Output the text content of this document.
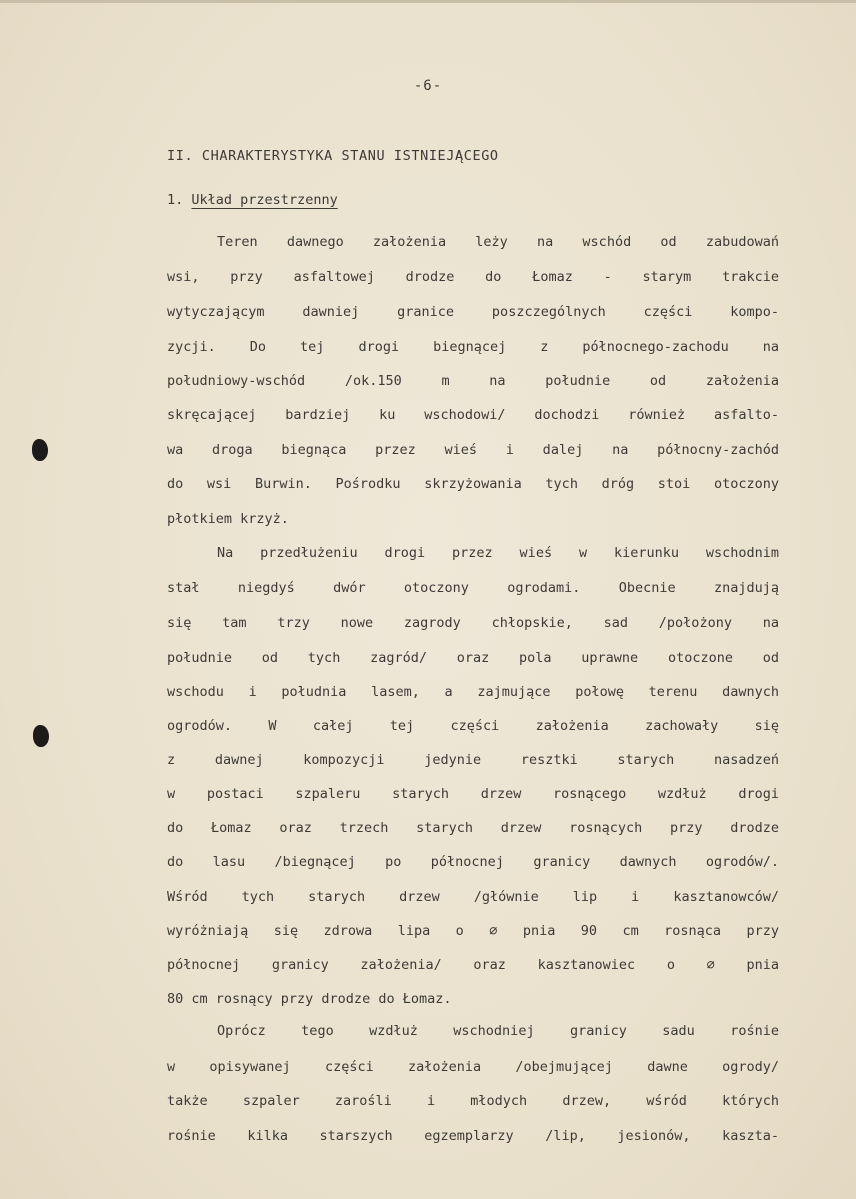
-6-
II. CHARAKTERYSTYKA STANU ISTNIEJĄCEGO
1. Układ przestrzenny
Teren dawnego założenia leży na wschód od zabudowań
wsi, przy asfaltowej drodze do Łomaz - starym trakcie
wytyczającym dawniej granice poszczególnych części kompo-
zycji. Do tej drogi biegnącej z północnego-zachodu na
południowy-wschód /ok.150 m na południe od założenia
skręcającej bardziej ku wschodowi/ dochodzi również asfalto-
wa droga biegnąca przez wieś i dalej na północny-zachód
do wsi Burwin. Pośrodku skrzyżowania tych dróg stoi otoczony
płotkiem krzyż.
Na przedłużeniu drogi przez wieś w kierunku wschodnim
stał niegdyś dwór otoczony ogrodami. Obecnie znajdują
się tam trzy nowe zagrody chłopskie, sad /położony na
południe od tych zagród/ oraz pola uprawne otoczone od
wschodu i południa lasem, a zajmujące połowę terenu dawnych
ogrodów. W całej tej części założenia zachowały się
z dawnej kompozycji jedynie resztki starych nasadzeń
w postaci szpaleru starych drzew rosnącego wzdłuż drogi
do Łomaz oraz trzech starych drzew rosnących przy drodze
do lasu /biegnącej po północnej granicy dawnych ogrodów/.
Wśród tych starych drzew /głównie lip i kasztanowców/
wyróżniają się zdrowa lipa o ∅ pnia 90 cm rosnąca przy
północnej granicy założenia/ oraz kasztanowiec o ∅ pnia
80 cm rosnący przy drodze do Łomaz.
Oprócz tego wzdłuż wschodniej granicy sadu rośnie
w opisywanej części założenia /obejmującej dawne ogrody/
także szpaler zarośli i młodych drzew, wśród których
rośnie kilka starszych egzemplarzy /lip, jesionów, kaszta-
